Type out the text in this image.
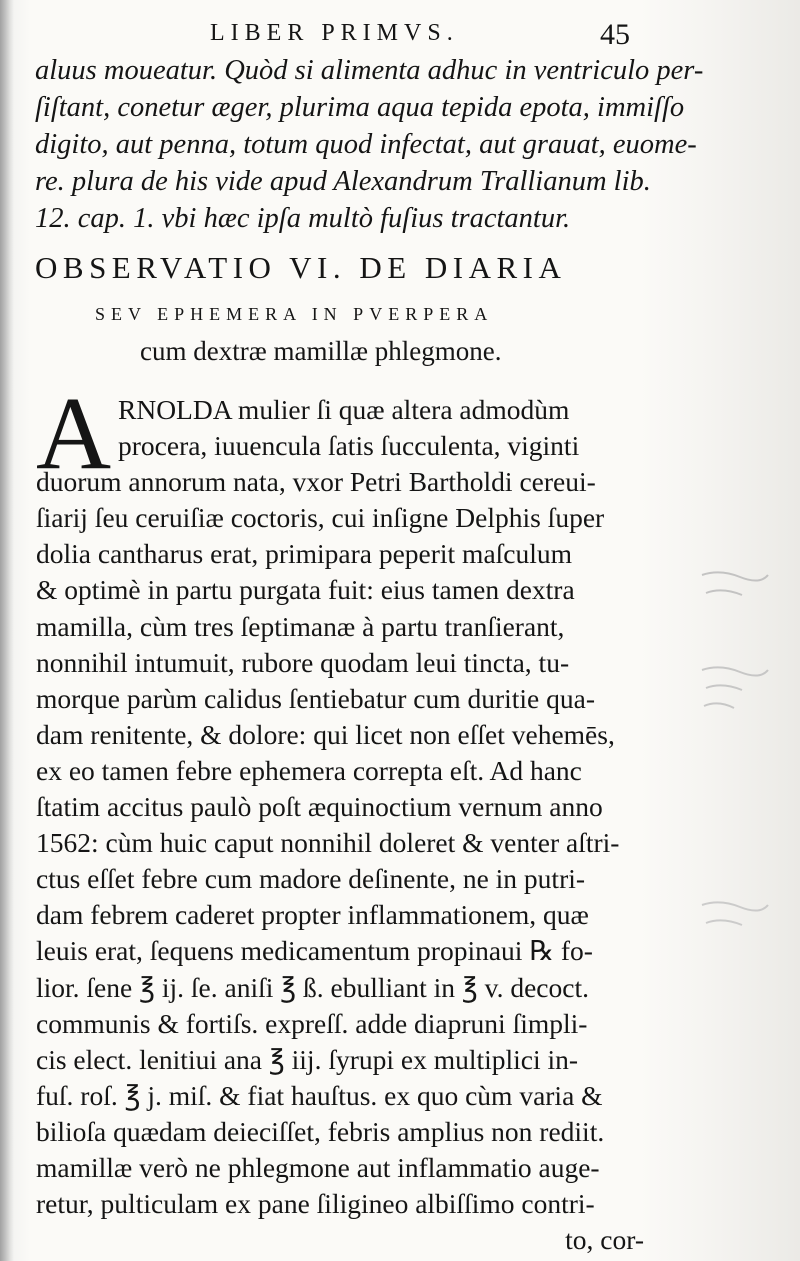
LIBER PRIMVS.	45
aluus moueatur. Quòd si alimenta adhuc in ventriculo per-
ſiſtant, conetur æger, plurima aqua tepida epota, immiſſo
digito, aut penna, totum quod infectat, aut grauat, euome-
re. plura de his vide apud Alexandrum Trallianum lib.
12. cap. 1. vbi hæc ipſa multò fuſius tractantur.
OBSERVATIO VI. DE DIARIA
SEV EPHEMERA IN PVERPERA
cum dextræ mamillæ phlegmone.
A RNOLDA mulier ſi quæ altera admodùm
procera, iuuencula ſatis ſucculenta, viginti
duorum annorum nata, vxor Petri Bartholdi cereui-
ſiarij ſeu ceruiſiæ coctoris, cui inſigne Delphis ſuper
dolia cantharus erat, primipara peperit maſculum
& optimè in partu purgata fuit: eius tamen dextra
mamilla, cùm tres ſeptimanæ à partu tranſierant,
nonnihil intumuit, rubore quodam leui tincta, tu-
morque parùm calidus ſentiebatur cum duritie qua-
dam renitente, & dolore: qui licet non eſſet vehemēs,
ex eo tamen febre ephemera correpta eſt. Ad hanc
ſtatim accitus paulò poſt æquinoctium vernum anno
1562: cùm huic caput nonnihil doleret & venter aſtri-
ctus eſſet febre cum madore deſinente, ne in putri-
dam febrem caderet propter inflammationem, quæ
leuis erat, ſequens medicamentum propinaui ℞ fo-
lior. ſene ℥ ij. ſe. aniſi ℥ ß. ebulliant in ℥ v. decoct.
communis & fortiſs. expreſſ. adde diapruni ſimpli-
cis elect. lenitiui ana ℥ iij. ſyrupi ex multiplici in-
fuſ. roſ. ℥ j. miſ. & fiat hauſtus. ex quo cùm varia &
bilioſa quædam deieciſſet, febris amplius non rediit.
mamillæ verò ne phlegmone aut inflammatio auge-
retur, pulticulam ex pane ſiligineo albiſſimo contri-
to, cor-
